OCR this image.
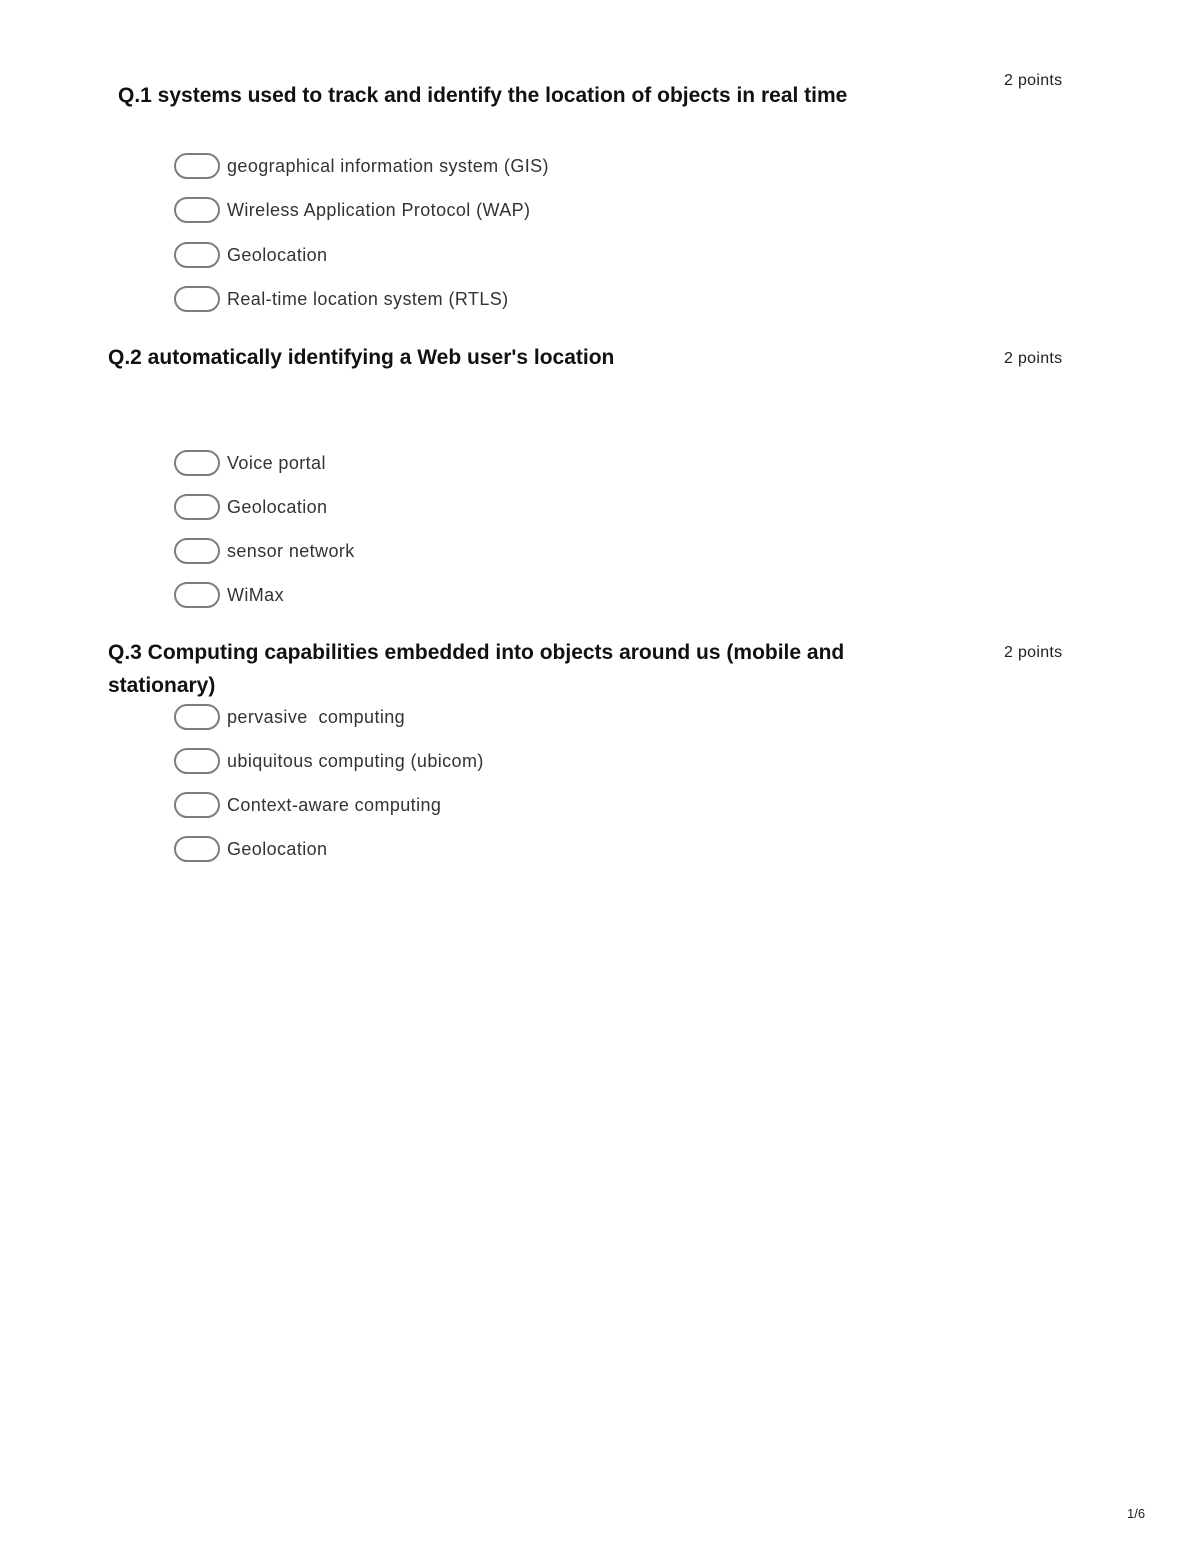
Q.1 systems used to track and identify the location of objects in real time
2 points
geographical information system (GIS)
Wireless Application Protocol (WAP)
Geolocation
Real-time location system (RTLS)
Q.2 automatically identifying a Web user's location	2 points
Voice portal
Geolocation
sensor network
WiMax
Q.3 Computing capabilities embedded into objects around us (mobile and stationary)
2 points
pervasive  computing
ubiquitous computing (ubicom)
Context-aware computing
Geolocation
1/6
